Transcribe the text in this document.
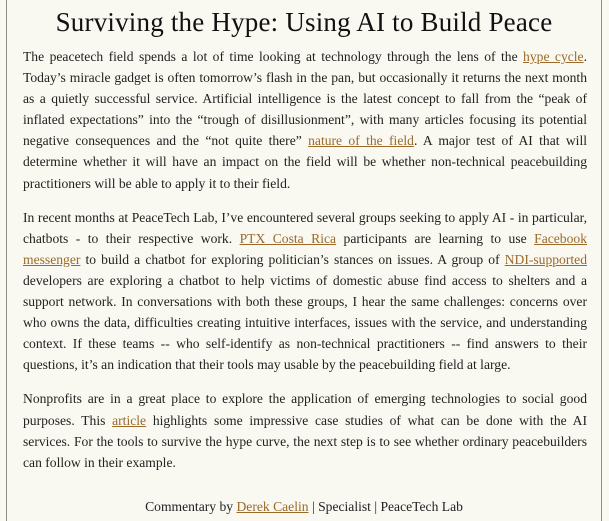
Surviving the Hype: Using AI to Build Peace

The peacetech field spends a lot of time looking at technology through the lens of the hype cycle. Today’s miracle gadget is often tomorrow’s flash in the pan, but occasionally it returns the next month as a quietly successful service. Artificial intelligence is the latest concept to fall from the “peak of inflated expectations” into the “trough of disillusionment”, with many articles focusing its potential negative consequences and the “not quite there” nature of the field. A major test of AI that will determine whether it will have an impact on the field will be whether non-technical peacebuilding practitioners will be able to apply it to their field.

In recent months at PeaceTech Lab, I’ve encountered several groups seeking to apply AI - in particular, chatbots - to their respective work. PTX Costa Rica participants are learning to use Facebook messenger to build a chatbot for exploring politician’s stances on issues. A group of NDI-supported developers are exploring a chatbot to help victims of domestic abuse find access to shelters and a support network. In conversations with both these groups, I hear the same challenges: concerns over who owns the data, difficulties creating intuitive interfaces, issues with the service, and understanding context. If these teams -- who self-identify as non-technical practitioners -- find answers to their questions, it’s an indication that their tools may usable by the peacebuilding field at large.

Nonprofits are in a great place to explore the application of emerging technologies to social good purposes. This article highlights some impressive case studies of what can be done with the AI services. For the tools to survive the hype curve, the next step is to see whether ordinary peacebuilders can follow in their example.

Commentary by Derek Caelin | Specialist | PeaceTech Lab
